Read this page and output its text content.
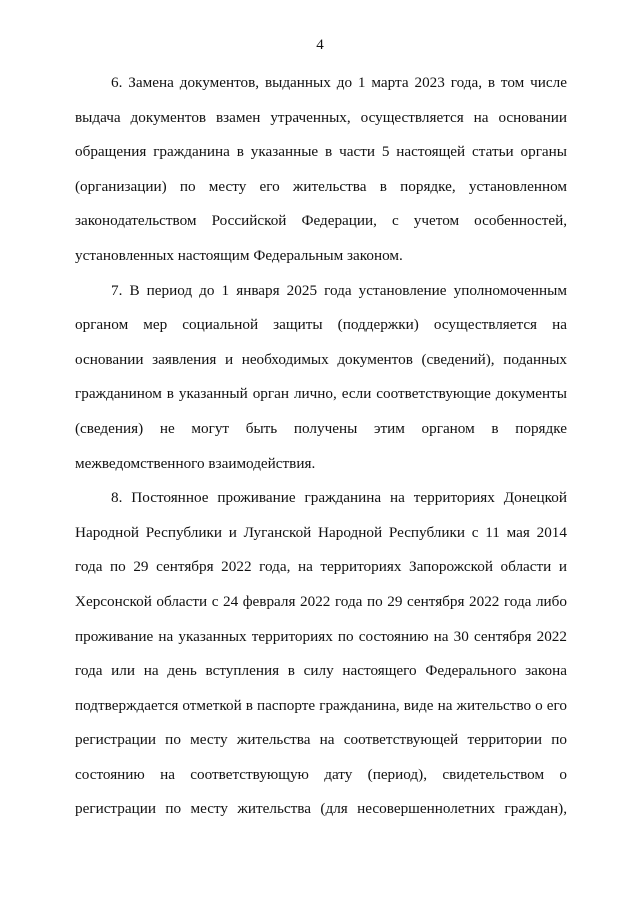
4
6. Замена документов, выданных до 1 марта 2023 года, в том числе
выдача документов взамен утраченных, осуществляется на основании
обращения гражданина в указанные в части 5 настоящей статьи органы
(организации) по месту его жительства в порядке, установленном
законодательством Российской Федерации, с учетом особенностей,
установленных настоящим Федеральным законом.
7. В период до 1 января 2025 года установление уполномоченным
органом мер социальной защиты (поддержки) осуществляется на
основании заявления и необходимых документов (сведений), поданных
гражданином в указанный орган лично, если соответствующие документы
(сведения) не могут быть получены этим органом в порядке
межведомственного взаимодействия.
8. Постоянное проживание гражданина на территориях Донецкой
Народной Республики и Луганской Народной Республики с 11 мая 2014
года по 29 сентября 2022 года, на территориях Запорожской области и
Херсонской области с 24 февраля 2022 года по 29 сентября 2022 года либо
проживание на указанных территориях по состоянию на 30 сентября 2022
года или на день вступления в силу настоящего Федерального закона
подтверждается отметкой в паспорте гражданина, виде на жительство о его
регистрации по месту жительства на соответствующей территории по
состоянию на соответствующую дату (период), свидетельством о
регистрации по месту жительства (для несовершеннолетних граждан),
